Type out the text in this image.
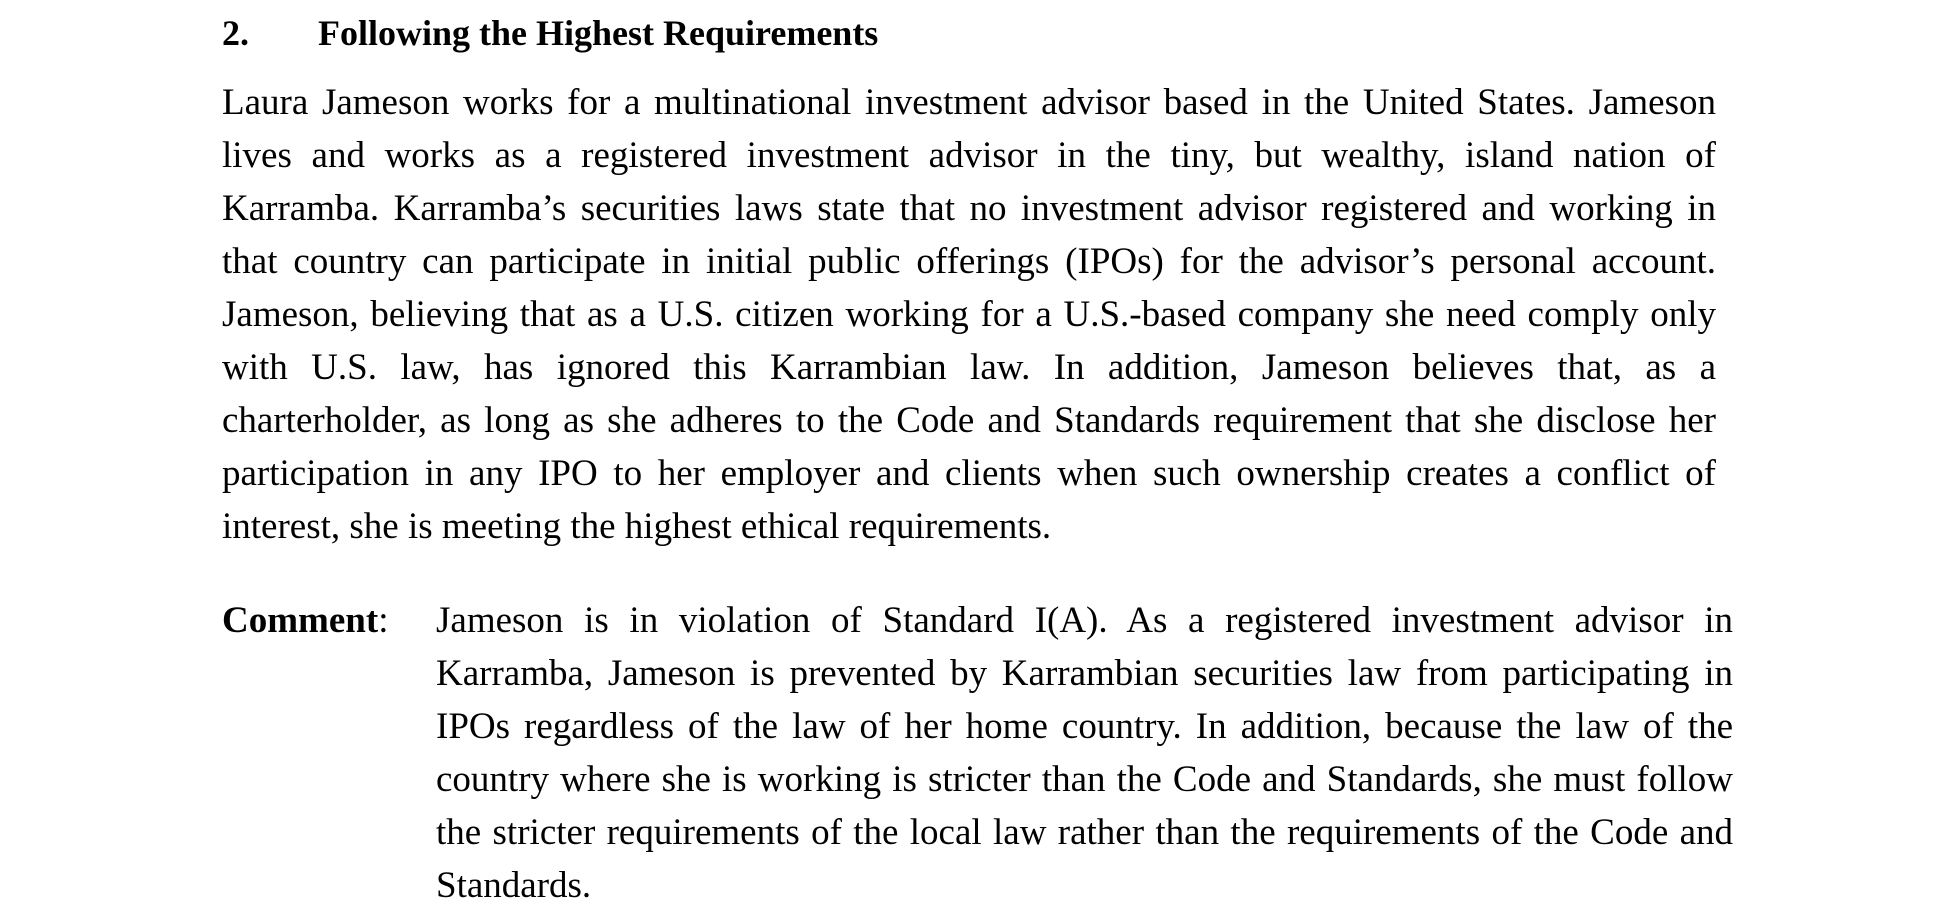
2. Following the Highest Requirements

Laura Jameson works for a multinational investment advisor based in the United States. Jameson lives and works as a registered investment advisor in the tiny, but wealthy, island nation of Karramba. Karramba’s securities laws state that no investment advisor registered and working in that country can participate in initial public offerings (IPOs) for the advisor’s personal account. Jameson, believing that as a U.S. citizen working for a U.S.-based company she need comply only with U.S. law, has ignored this Karrambian law. In addition, Jameson believes that, as a charterholder, as long as she adheres to the Code and Standards requirement that she disclose her participation in any IPO to her employer and clients when such ownership creates a conflict of interest, she is meeting the highest ethical requirements.

Comment: Jameson is in violation of Standard I(A). As a registered investment advisor in Karramba, Jameson is prevented by Karrambian securities law from participating in IPOs regardless of the law of her home country. In addition, because the law of the country where she is working is stricter than the Code and Standards, she must follow the stricter requirements of the local law rather than the requirements of the Code and Standards.
